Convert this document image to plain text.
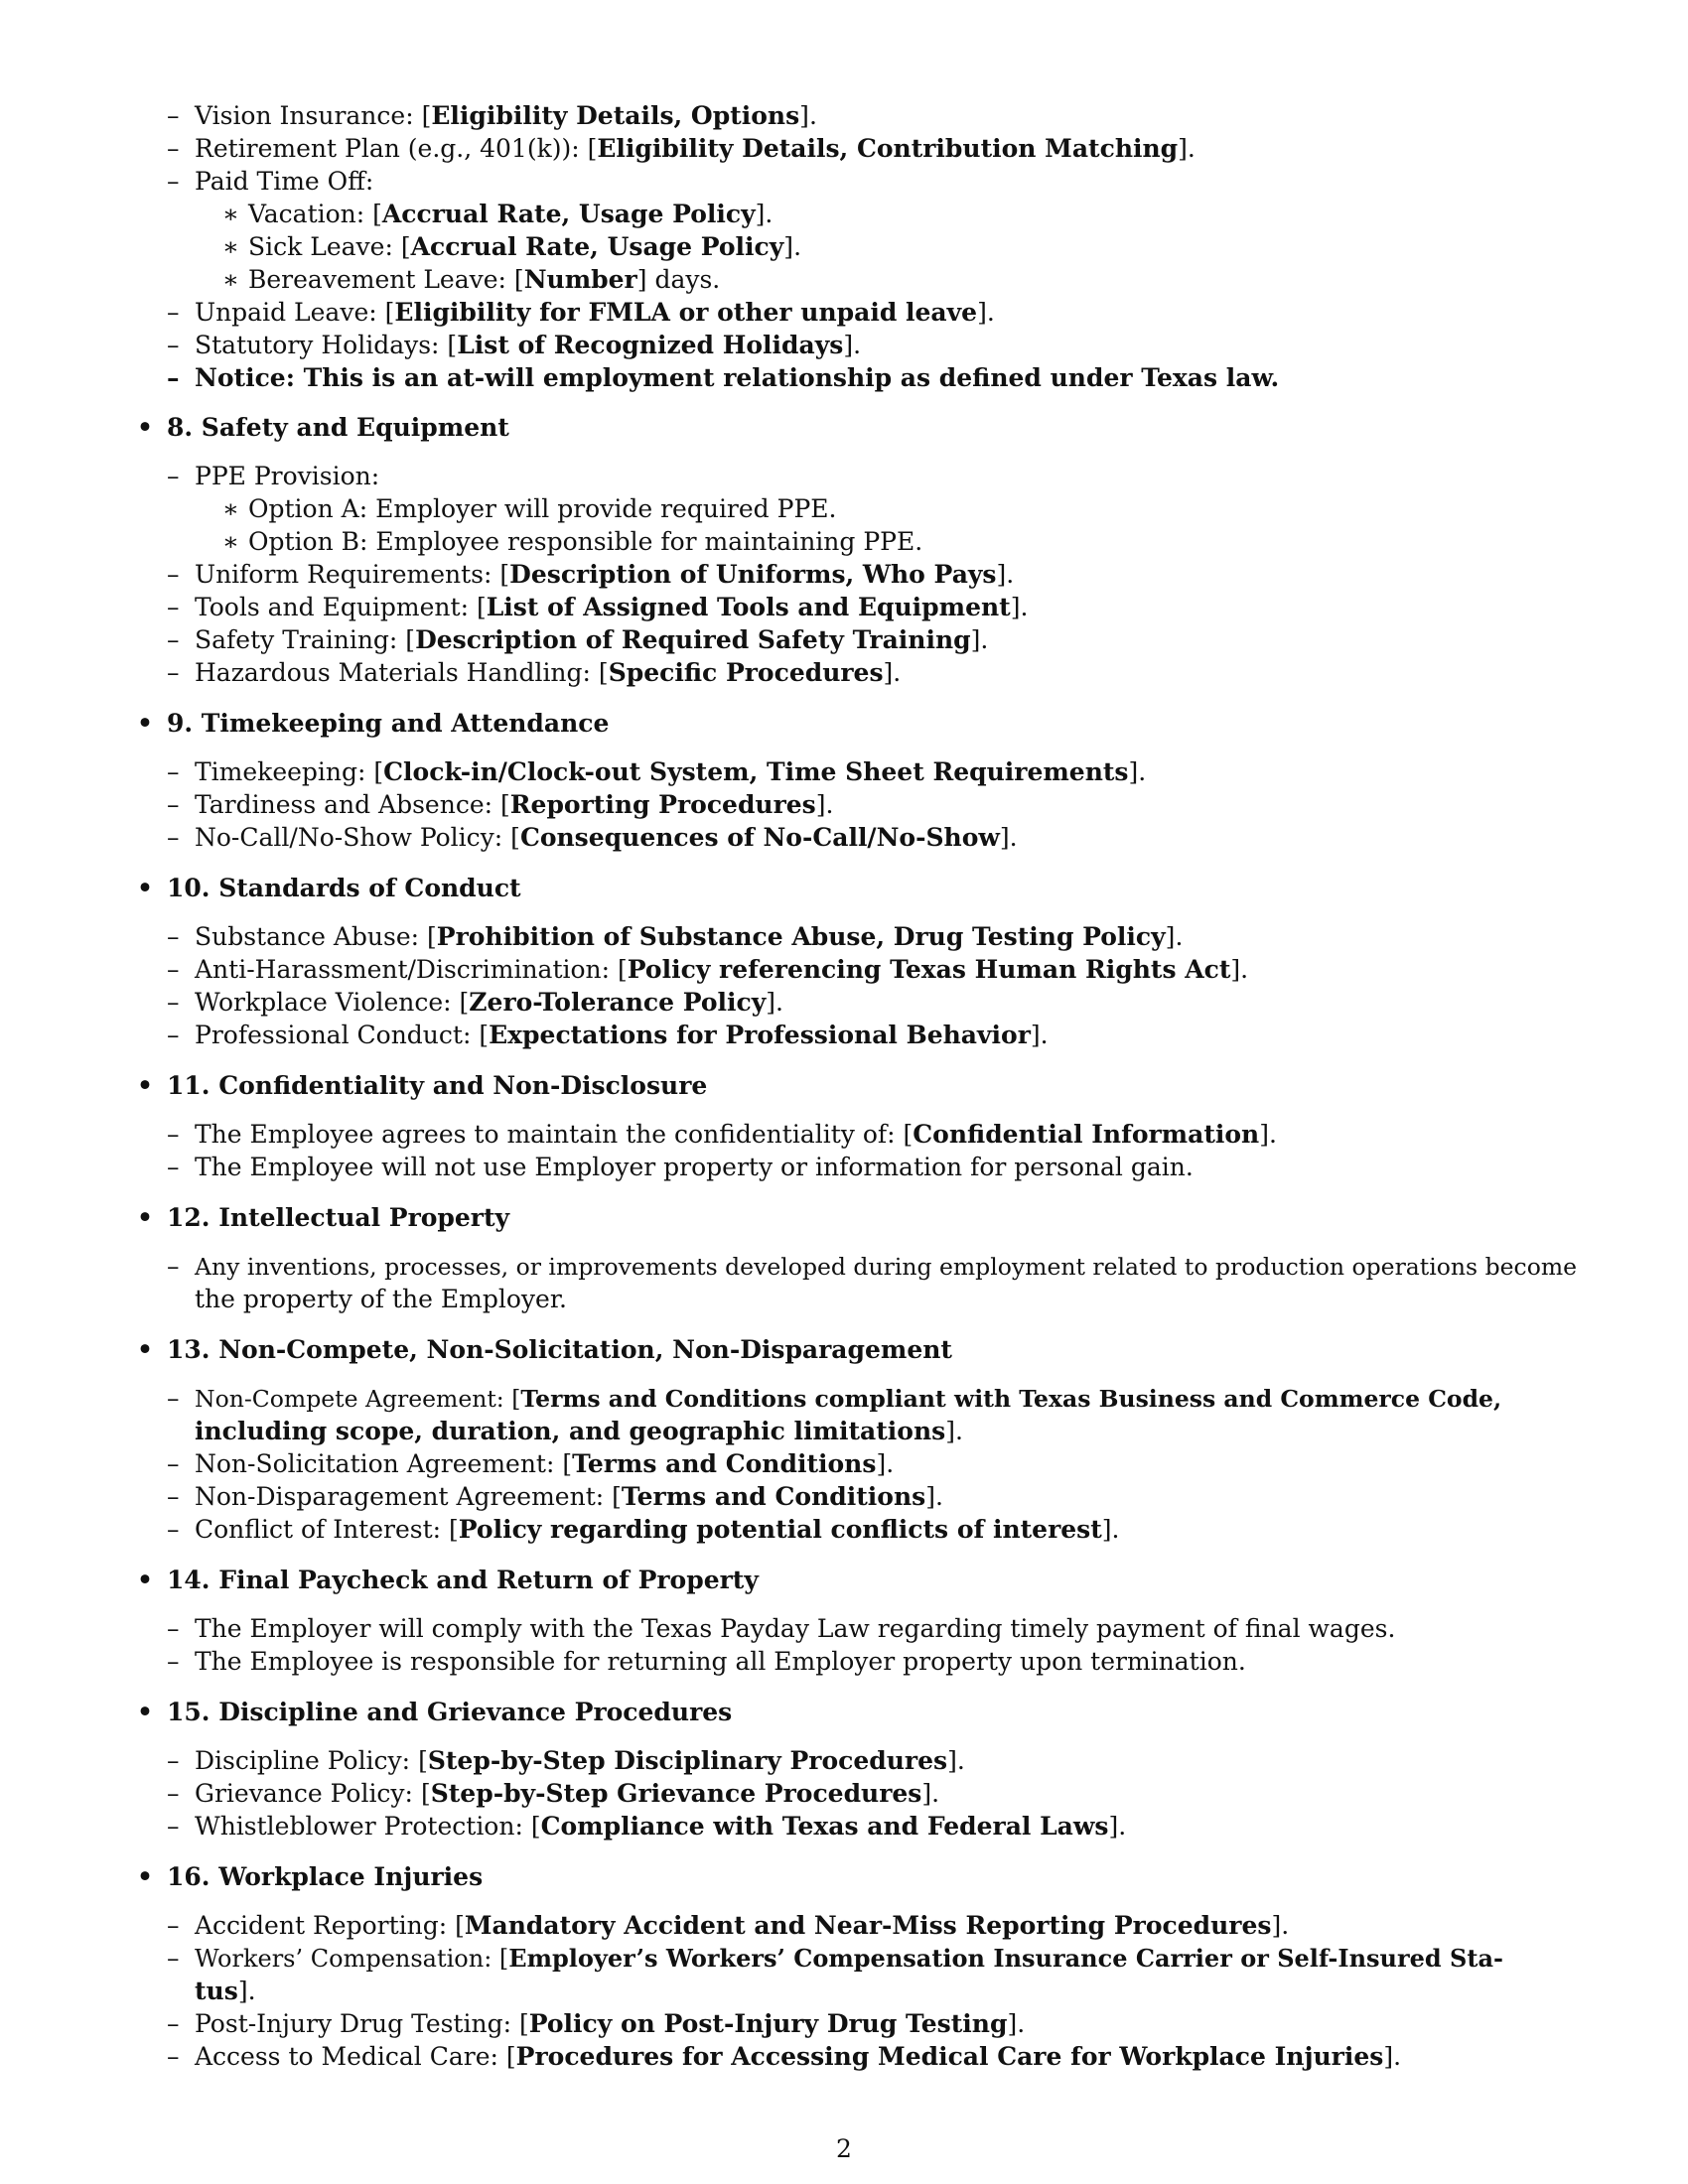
– Vision Insurance: [Eligibility Details, Options].
– Retirement Plan (e.g., 401(k)): [Eligibility Details, Contribution Matching].
– Paid Time Off:
∗ Vacation: [Accrual Rate, Usage Policy].
∗ Sick Leave: [Accrual Rate, Usage Policy].
∗ Bereavement Leave: [Number] days.
– Unpaid Leave: [Eligibility for FMLA or other unpaid leave].
– Statutory Holidays: [List of Recognized Holidays].
– Notice: This is an at-will employment relationship as defined under Texas law.
• 8. Safety and Equipment
– PPE Provision:
∗ Option A: Employer will provide required PPE.
∗ Option B: Employee responsible for maintaining PPE.
– Uniform Requirements: [Description of Uniforms, Who Pays].
– Tools and Equipment: [List of Assigned Tools and Equipment].
– Safety Training: [Description of Required Safety Training].
– Hazardous Materials Handling: [Specific Procedures].
• 9. Timekeeping and Attendance
– Timekeeping: [Clock-in/Clock-out System, Time Sheet Requirements].
– Tardiness and Absence: [Reporting Procedures].
– No-Call/No-Show Policy: [Consequences of No-Call/No-Show].
• 10. Standards of Conduct
– Substance Abuse: [Prohibition of Substance Abuse, Drug Testing Policy].
– Anti-Harassment/Discrimination: [Policy referencing Texas Human Rights Act].
– Workplace Violence: [Zero-Tolerance Policy].
– Professional Conduct: [Expectations for Professional Behavior].
• 11. Confidentiality and Non-Disclosure
– The Employee agrees to maintain the confidentiality of: [Confidential Information].
– The Employee will not use Employer property or information for personal gain.
• 12. Intellectual Property
– Any inventions, processes, or improvements developed during employment related to production operations become
the property of the Employer.
• 13. Non-Compete, Non-Solicitation, Non-Disparagement
– Non-Compete Agreement: [Terms and Conditions compliant with Texas Business and Commerce Code,
including scope, duration, and geographic limitations].
– Non-Solicitation Agreement: [Terms and Conditions].
– Non-Disparagement Agreement: [Terms and Conditions].
– Conflict of Interest: [Policy regarding potential conflicts of interest].
• 14. Final Paycheck and Return of Property
– The Employer will comply with the Texas Payday Law regarding timely payment of final wages.
– The Employee is responsible for returning all Employer property upon termination.
• 15. Discipline and Grievance Procedures
– Discipline Policy: [Step-by-Step Disciplinary Procedures].
– Grievance Policy: [Step-by-Step Grievance Procedures].
– Whistleblower Protection: [Compliance with Texas and Federal Laws].
• 16. Workplace Injuries
– Accident Reporting: [Mandatory Accident and Near-Miss Reporting Procedures].
– Workers’ Compensation: [Employer’s Workers’ Compensation Insurance Carrier or Self-Insured Sta-
tus].
– Post-Injury Drug Testing: [Policy on Post-Injury Drug Testing].
– Access to Medical Care: [Procedures for Accessing Medical Care for Workplace Injuries].
2
